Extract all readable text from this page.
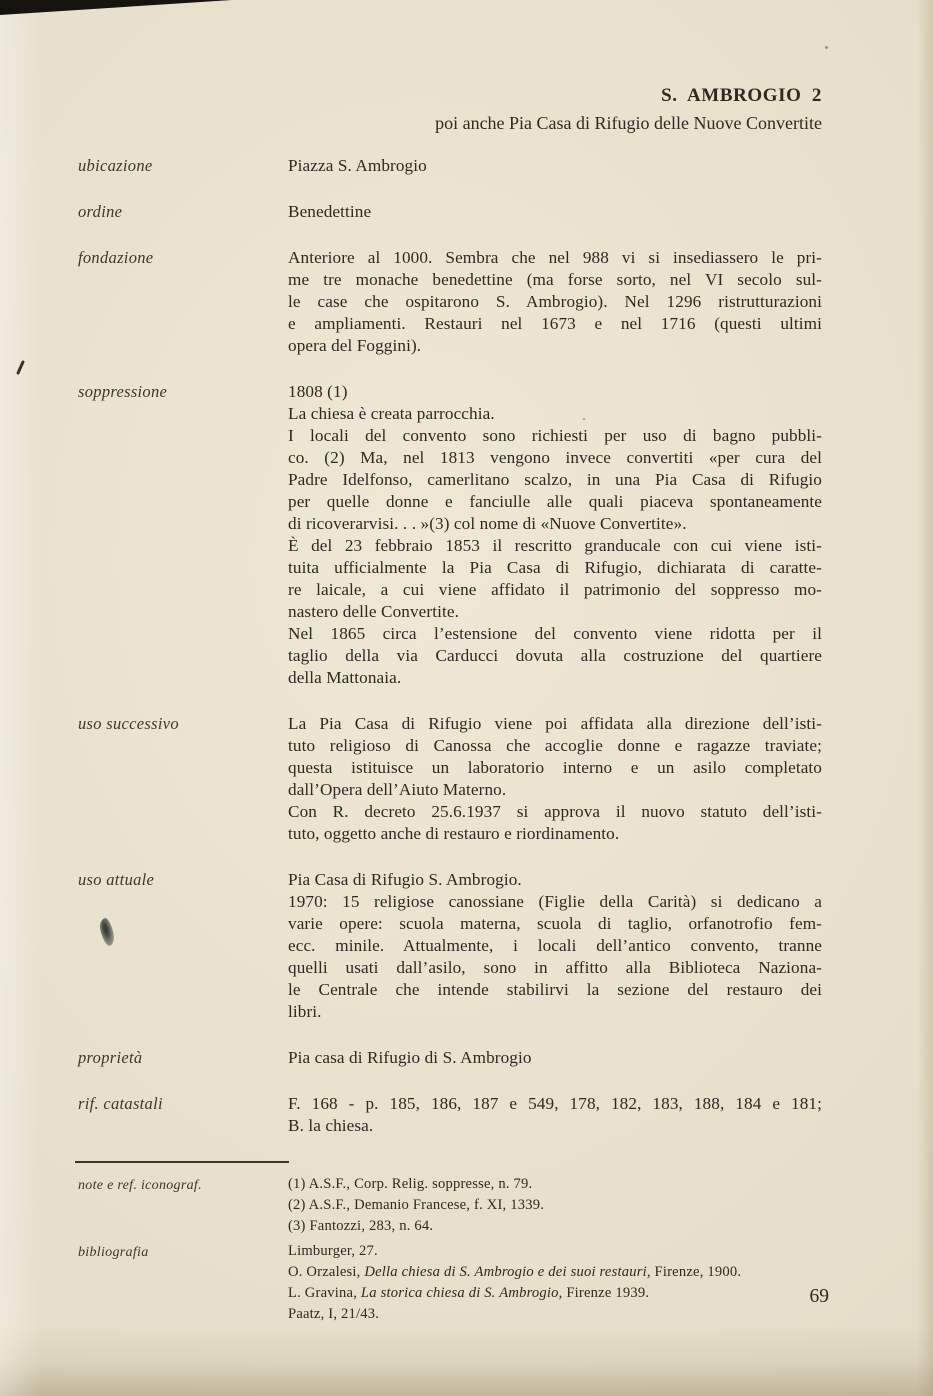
S. AMBROGIO 2
poi anche Pia Casa di Rifugio delle Nuove Convertite
ubicazione	Piazza S. Ambrogio
ordine	Benedettine
fondazione	Anteriore al 1000. Sembra che nel 988 vi si insediassero le pri-
me tre monache benedettine (ma forse sorto, nel VI secolo sul-
le case che ospitarono S. Ambrogio). Nel 1296 ristrutturazioni
e ampliamenti. Restauri nel 1673 e nel 1716 (questi ultimi
opera del Foggini).
soppressione	1808 (1)
La chiesa è creata parrocchia.
I locali del convento sono richiesti per uso di bagno pubbli-
co. (2) Ma, nel 1813 vengono invece convertiti «per cura del
Padre Idelfonso, camerlitano scalzo, in una Pia Casa di Rifugio
per quelle donne e fanciulle alle quali piaceva spontaneamente
di ricoverarvisi. . . »(3) col nome di «Nuove Convertite».
È del 23 febbraio 1853 il rescritto granducale con cui viene isti-
tuita ufficialmente la Pia Casa di Rifugio, dichiarata di caratte-
re laicale, a cui viene affidato il patrimonio del soppresso mo-
nastero delle Convertite.
Nel 1865 circa l’estensione del convento viene ridotta per il
taglio della via Carducci dovuta alla costruzione del quartiere
della Mattonaia.
uso successivo	La Pia Casa di Rifugio viene poi affidata alla direzione dell’isti-
tuto religioso di Canossa che accoglie donne e ragazze traviate;
questa istituisce un laboratorio interno e un asilo completato
dall’Opera dell’Aiuto Materno.
Con R. decreto 25.6.1937 si approva il nuovo statuto dell’isti-
tuto, oggetto anche di restauro e riordinamento.
uso attuale	Pia Casa di Rifugio S. Ambrogio.
1970: 15 religiose canossiane (Figlie della Carità) si dedicano a
varie opere: scuola materna, scuola di taglio, orfanotrofio fem-
ecc. minile. Attualmente, i locali dell’antico convento, tranne
quelli usati dall’asilo, sono in affitto alla Biblioteca Naziona-
le Centrale che intende stabilirvi la sezione del restauro dei
libri.
proprietà	Pia casa di Rifugio di S. Ambrogio
rif. catastali	F. 168 - p. 185, 186, 187 e 549, 178, 182, 183, 188, 184 e 181;
B. la chiesa.
note e ref. iconograf.	(1) A.S.F., Corp. Relig. soppresse, n. 79.
(2) A.S.F., Demanio Francese, f. XI, 1339.
(3) Fantozzi, 283, n. 64.
bibliografia	Limburger, 27.
O. Orzalesi, Della chiesa di S. Ambrogio e dei suoi restauri, Firenze, 1900.
L. Gravina, La storica chiesa di S. Ambrogio, Firenze 1939.
Paatz, I, 21/43.
69
